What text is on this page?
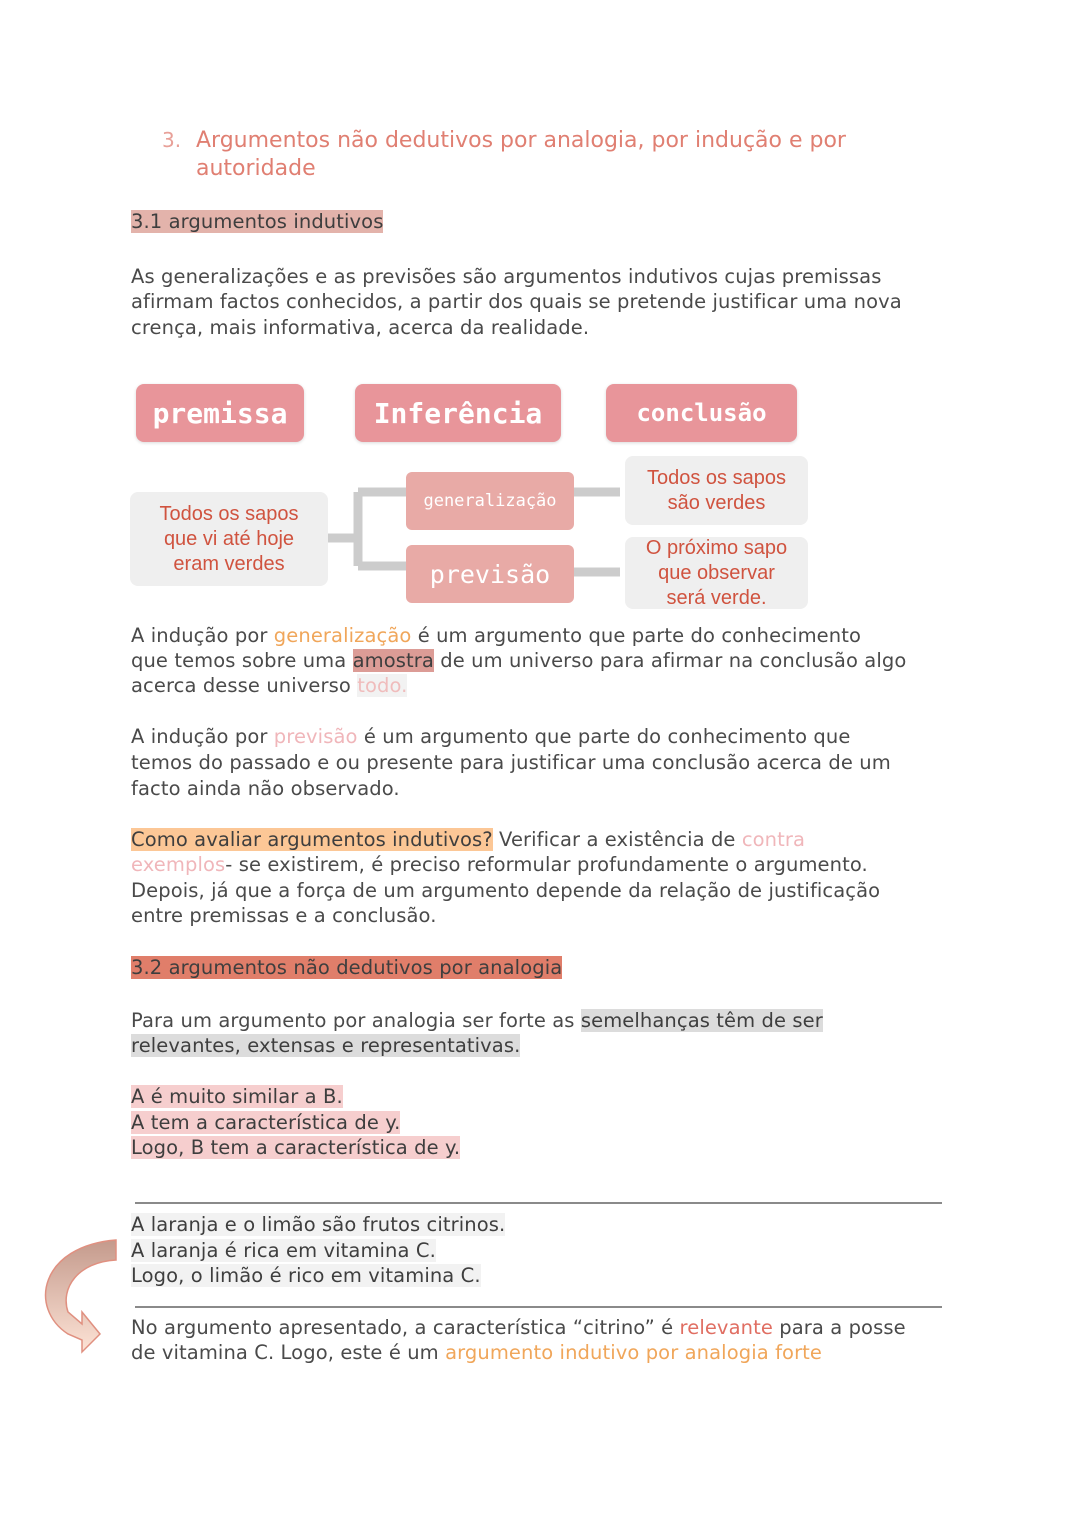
3. Argumentos não dedutivos por analogia, por indução e por
autoridade
premissa	Inferência	conclusão
Todos os sapos
que vi até hoje
eram verdes
generalização
previsão
Todos os sapos
são verdes
O próximo sapo
que observar
será verde.
3.1 argumentos indutivos
As generalizações e as previsões são argumentos indutivos cujas premissas
afirmam factos conhecidos, a partir dos quais se pretende justificar uma nova
crença, mais informativa, acerca da realidade.
A indução por generalização é um argumento que parte do conhecimento
que temos sobre uma amostra de um universo para afirmar na conclusão algo
acerca desse universo todo.
A indução por previsão é um argumento que parte do conhecimento que
temos do passado e ou presente para justificar uma conclusão acerca de um
facto ainda não observado.
Como avaliar argumentos indutivos? Verificar a existência de contra
exemplos- se existirem, é preciso reformular profundamente o argumento.
Depois, já que a força de um argumento depende da relação de justificação
entre premissas e a conclusão.
3.2 argumentos não dedutivos por analogia
Para um argumento por analogia ser forte as semelhanças têm de ser
relevantes, extensas e representativas.
A é muito similar a B.
A tem a característica de y.
Logo, B tem a característica de y.
A laranja e o limão são frutos citrinos.
A laranja é rica em vitamina C.
Logo, o limão é rico em vitamina C.
No argumento apresentado, a característica “citrino” é relevante para a posse
de vitamina C. Logo, este é um argumento indutivo por analogia forte
